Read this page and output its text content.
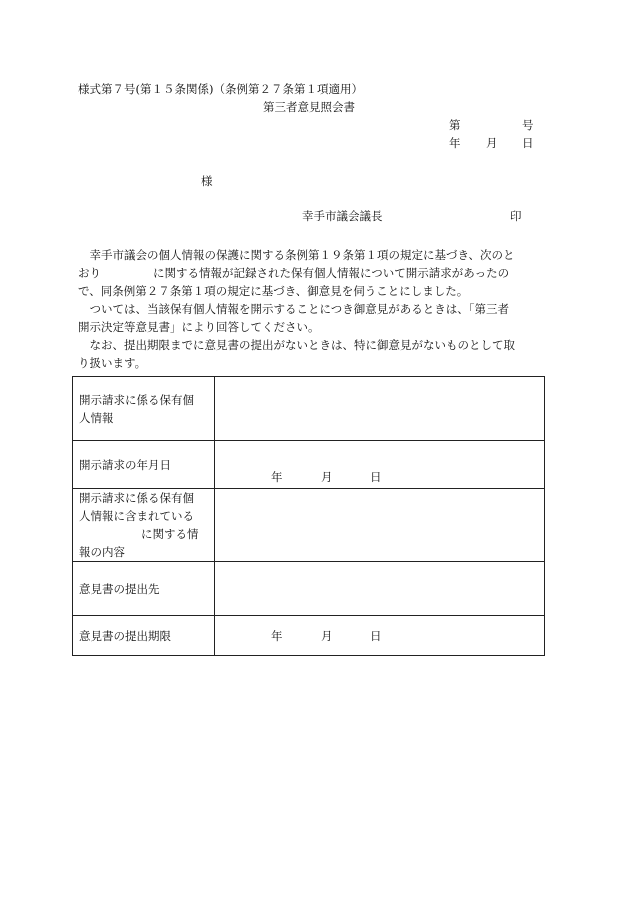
様式第７号(第１５条関係)（条例第２７条第１項適用）
第三者意見照会書
第	号
年 月 日
様
幸手市議会議長	印

幸手市議会の個人情報の保護に関する条例第１９条第１項の規定に基づき、次のと

おり	に関する情報が記録された保有個人情報について開示請求があったの

で、同条例第２７条第１項の規定に基づき、御意見を伺うことにしました。

ついては、当該保有個人情報を開示することにつき御意見があるときは、「第三者

開示決定等意見書」により回答してください。

なお、提出期限までに意見書の提出がないときは、特に御意見がないものとして取

り扱います。

開示請求に係る保有個
人情報	

開示請求の年月日	年 月 日

開示請求に係る保有個
人情報に含まれている
に関する情
報の内容	

意見書の提出先	
意見書の提出期限	年 月 日
